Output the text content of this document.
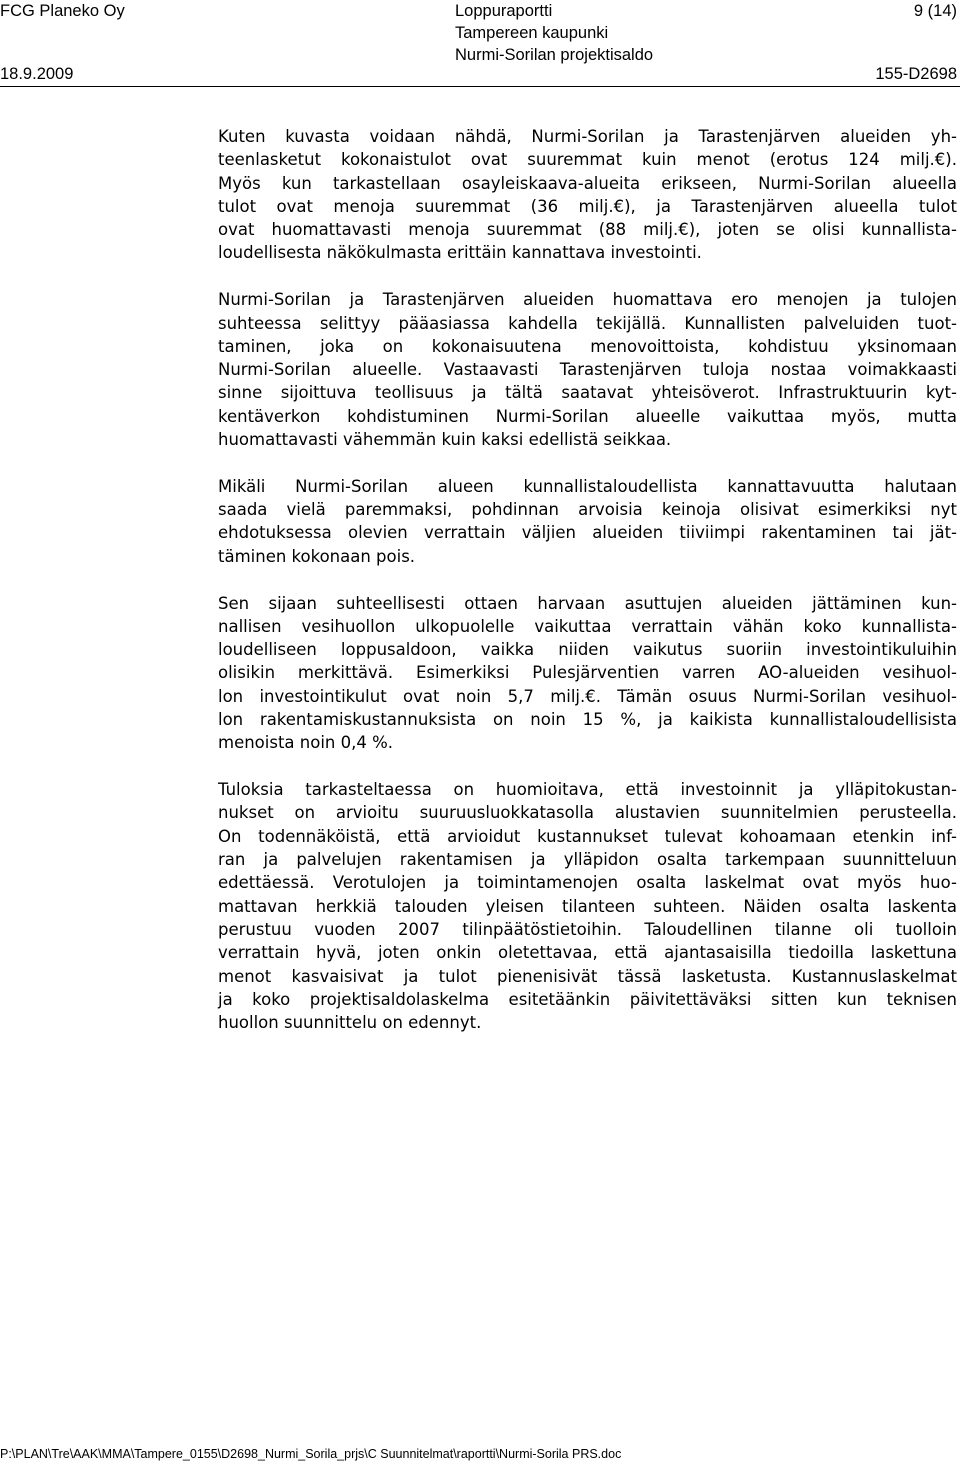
FCG Planeko Oy	9 (14)
Loppuraportti
Tampereen kaupunki
Nurmi-Sorilan projektisaldo
18.9.2009	155-D2698
Kuten kuvasta voidaan nähdä, Nurmi-Sorilan ja Tarastenjärven alueiden yh-
teenlasketut kokonaistulot ovat suuremmat kuin menot (erotus 124 milj.€).
Myös kun tarkastellaan osayleiskaava-alueita erikseen, Nurmi-Sorilan alueella
tulot ovat menoja suuremmat (36 milj.€), ja Tarastenjärven alueella tulot
ovat huomattavasti menoja suuremmat (88 milj.€), joten se olisi kunnallista-
loudellisesta näkökulmasta erittäin kannattava investointi.
Nurmi-Sorilan ja Tarastenjärven alueiden huomattava ero menojen ja tulojen
suhteessa selittyy pääasiassa kahdella tekijällä. Kunnallisten palveluiden tuot-
taminen, joka on kokonaisuutena menovoittoista, kohdistuu yksinomaan
Nurmi-Sorilan alueelle. Vastaavasti Tarastenjärven tuloja nostaa voimakkaasti
sinne sijoittuva teollisuus ja tältä saatavat yhteisöverot. Infrastruktuurin kyt-
kentäverkon kohdistuminen Nurmi-Sorilan alueelle vaikuttaa myös, mutta
huomattavasti vähemmän kuin kaksi edellistä seikkaa.
Mikäli Nurmi-Sorilan alueen kunnallistaloudellista kannattavuutta halutaan
saada vielä paremmaksi, pohdinnan arvoisia keinoja olisivat esimerkiksi nyt
ehdotuksessa olevien verrattain väljien alueiden tiiviimpi rakentaminen tai jät-
täminen kokonaan pois.
Sen sijaan suhteellisesti ottaen harvaan asuttujen alueiden jättäminen kun-
nallisen vesihuollon ulkopuolelle vaikuttaa verrattain vähän koko kunnallista-
loudelliseen loppusaldoon, vaikka niiden vaikutus suoriin investointikuluihin
olisikin merkittävä. Esimerkiksi Pulesjärventien varren AO-alueiden vesihuol-
lon investointikulut ovat noin 5,7 milj.€. Tämän osuus Nurmi-Sorilan vesihuol-
lon rakentamiskustannuksista on noin 15 %, ja kaikista kunnallistaloudellisista
menoista noin 0,4 %.
Tuloksia tarkasteltaessa on huomioitava, että investoinnit ja ylläpitokustan-
nukset on arvioitu suuruusluokkatasolla alustavien suunnitelmien perusteella.
On todennäköistä, että arvioidut kustannukset tulevat kohoamaan etenkin inf-
ran ja palvelujen rakentamisen ja ylläpidon osalta tarkempaan suunnitteluun
edettäessä. Verotulojen ja toimintamenojen osalta laskelmat ovat myös huo-
mattavan herkkiä talouden yleisen tilanteen suhteen. Näiden osalta laskenta
perustuu vuoden 2007 tilinpäätöstietoihin. Taloudellinen tilanne oli tuolloin
verrattain hyvä, joten onkin oletettavaa, että ajantasaisilla tiedoilla laskettuna
menot kasvaisivat ja tulot pienenisivät tässä lasketusta. Kustannuslaskelmat
ja koko projektisaldolaskelma esitetäänkin päivitettäväksi sitten kun teknisen
huollon suunnittelu on edennyt.
P:\PLAN\Tre\AAK\MMA\Tampere_0155\D2698_Nurmi_Sorila_prjs\C Suunnitelmat\raportti\Nurmi-Sorila PRS.doc
